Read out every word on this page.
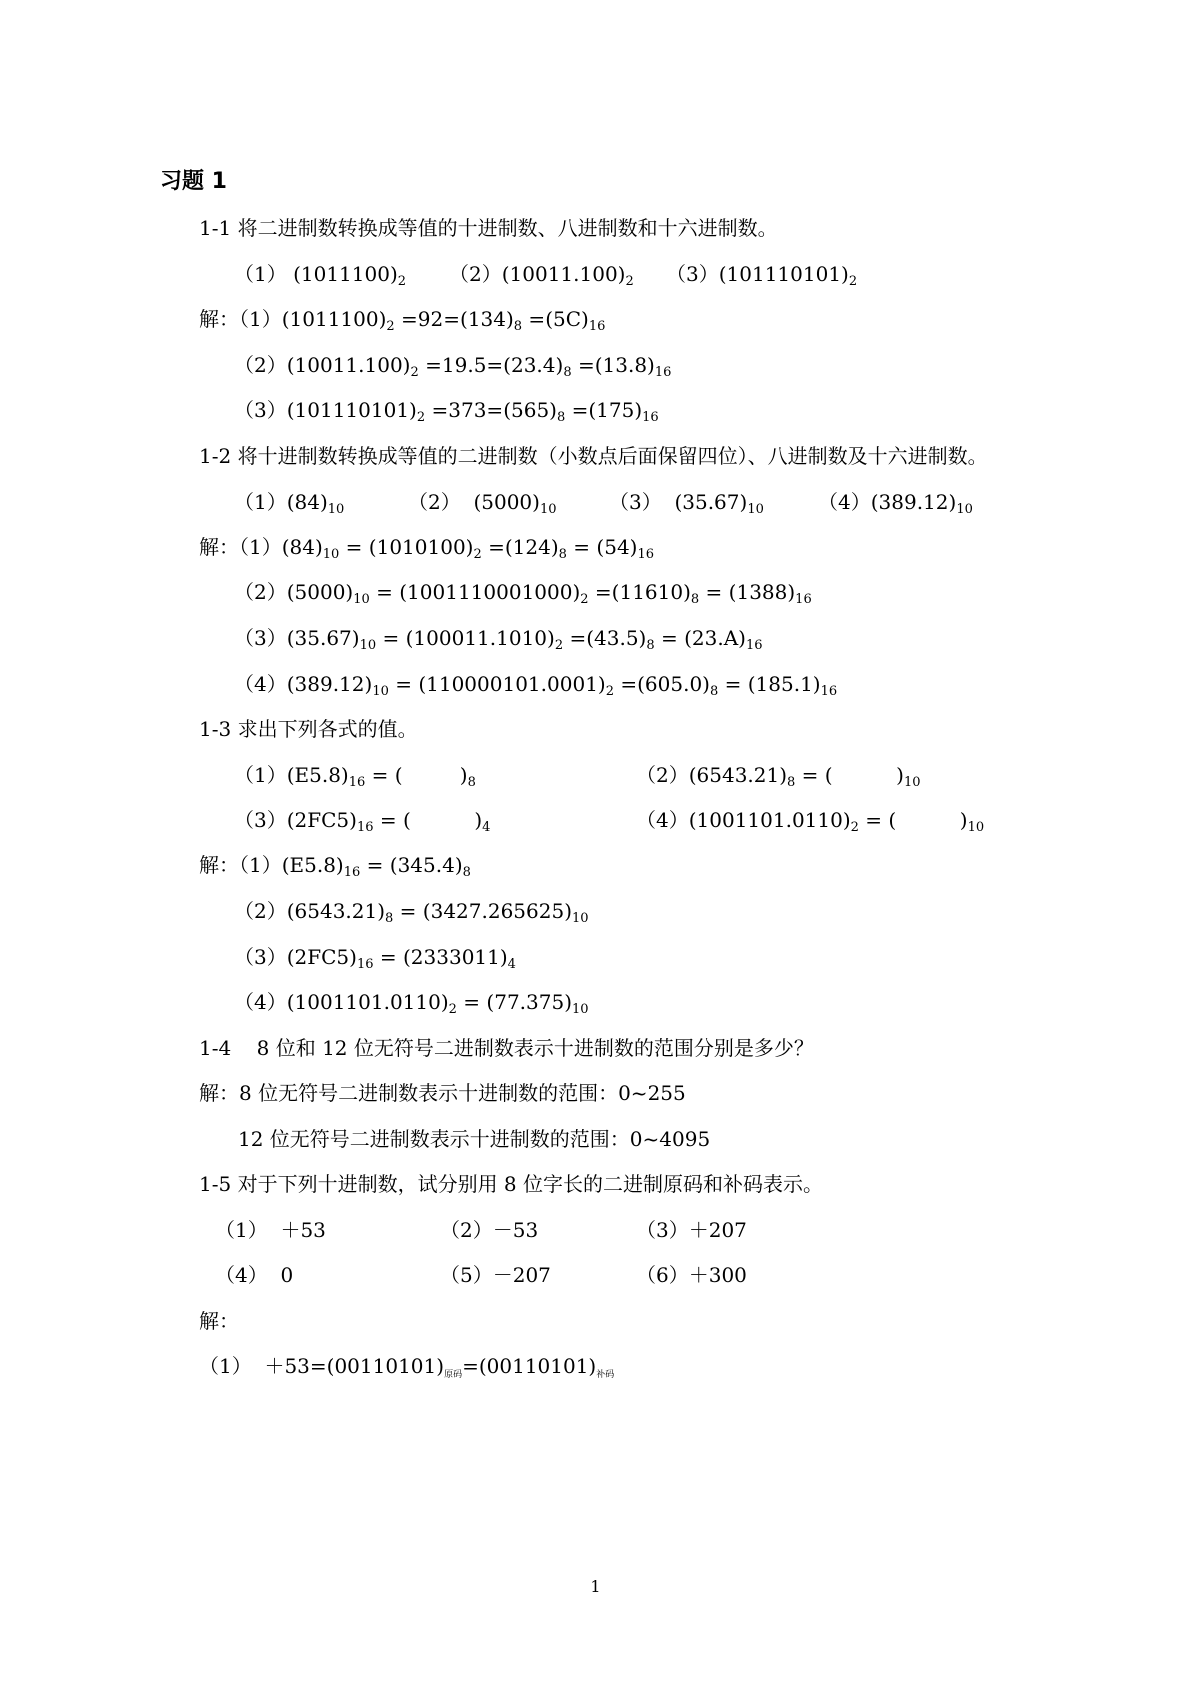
习题 1
1-1 将二进制数转换成等值的十进制数、八进制数和十六进制数。
（1） $(1011100)_2$ $(2)(10011.100)_2$ $(3)(101110101)_2$
解：$(1)(1011100)_2 =92=(134)_8 =(5C)_{16}$
$(2)(10011.100)_2 =19.5=(23.4)_8 =(13.8)_{16}$
$(3)(101110101)_2 =373=(565)_8 =(175)_{16}$
1-2 将十进制数转换成等值的二进制数（小数点后面保留四位）、八进制数及十六进制数。
$(1)(84)_{10}$	（2）  $(5000)_{10}$	（3）  $(35.67)_{10}$	$(4)(389.12)_{10}$
解：$(1)(84)_{10} = (1010100)_2 =(124)_8 = (54)_{16}$
$(2)(5000)_{10} = (1001110001000)_2 =(11610)_8 = (1388)_{16}$
$(3)(35.67)_{10} = (100011.1010)_2 =(43.5)_8 = (23.A)_{16}$
$(4)(389.12)_{10} = (110000101.0001)_2 =(605.0)_8 = (185.1)_{16}$
1-3 求出下列各式的值。
$(1)(E5.8)_{16}$ = (         )$_8$	$(2)(6543.21)_8$ = (          )$_{10}$
$(3)(2FC5)_{16}$ = (          )$_4$	$(4)(1001101.0110)_2$ = (          )$_{10}$
解：$(1)(E5.8)_{16} = (345.4)_8$
$(2)(6543.21)_8 = (3427.265625)_{10}$
$(3)(2FC5)_{16} = (2333011)_4$
$(4)(1001101.0110)_2 = (77.375)_{10}$
1-4    8 位和 12 位无符号二进制数表示十进制数的范围分别是多少？
解：8 位无符号二进制数表示十进制数的范围：0~255
12 位无符号二进制数表示十进制数的范围：0~4095
1-5 对于下列十进制数，试分别用 8 位字长的二进制原码和补码表示。
（1）  ＋53	（2）－53	（3）＋207
（4）  0	（5）－207	（6）＋300
解：
$(1) +53=(00110101)_{原码}=(00110101)_{补码}$
1
